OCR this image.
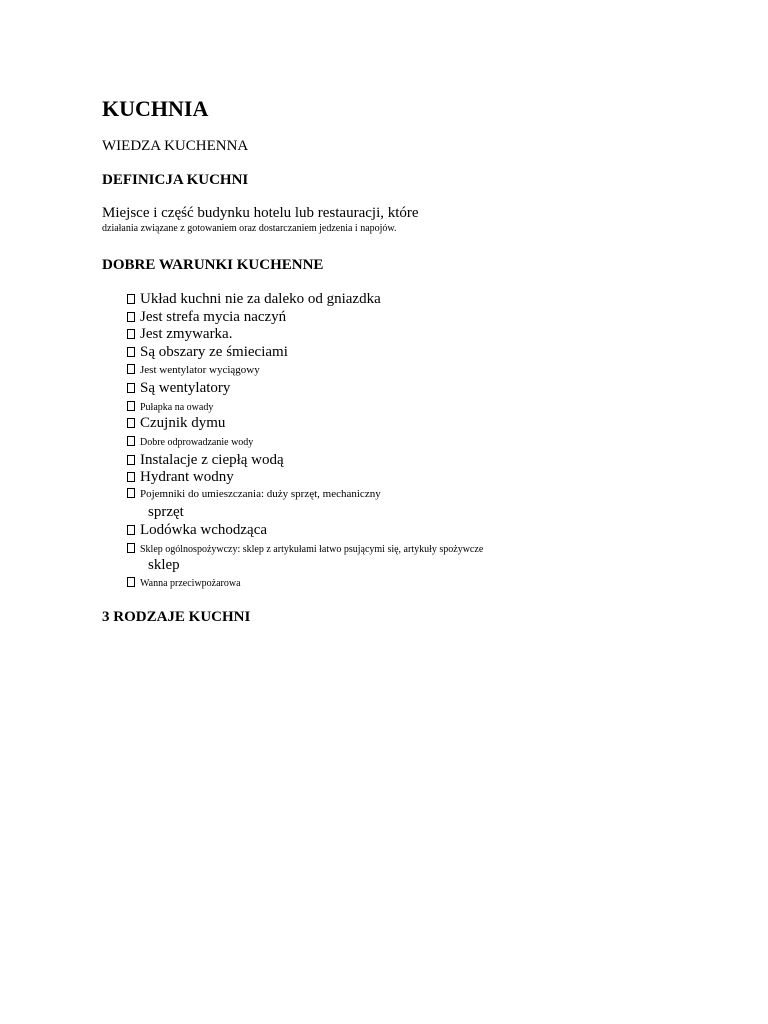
KUCHNIA
WIEDZA KUCHENNA
DEFINICJA KUCHNI
Miejsce i część budynku hotelu lub restauracji, które
działania związane z gotowaniem oraz dostarczaniem jedzenia i napojów.
DOBRE WARUNKI KUCHENNE
Układ kuchni nie za daleko od gniazdka
Jest strefa mycia naczyń
Jest zmywarka.
Są obszary ze śmieciami
Jest wentylator wyciągowy
Są wentylatory
Pułapka na owady
Czujnik dymu
Dobre odprowadzanie wody
Instalacje z ciepłą wodą
Hydrant wodny
Pojemniki do umieszczania: duży sprzęt, mechaniczny
sprzęt
Lodówka wchodząca
Sklep ogólnospożywczy: sklep z artykułami łatwo psującymi się, artykuły spożywcze
sklep
Wanna przeciwpożarowa
3 RODZAJE KUCHNI
